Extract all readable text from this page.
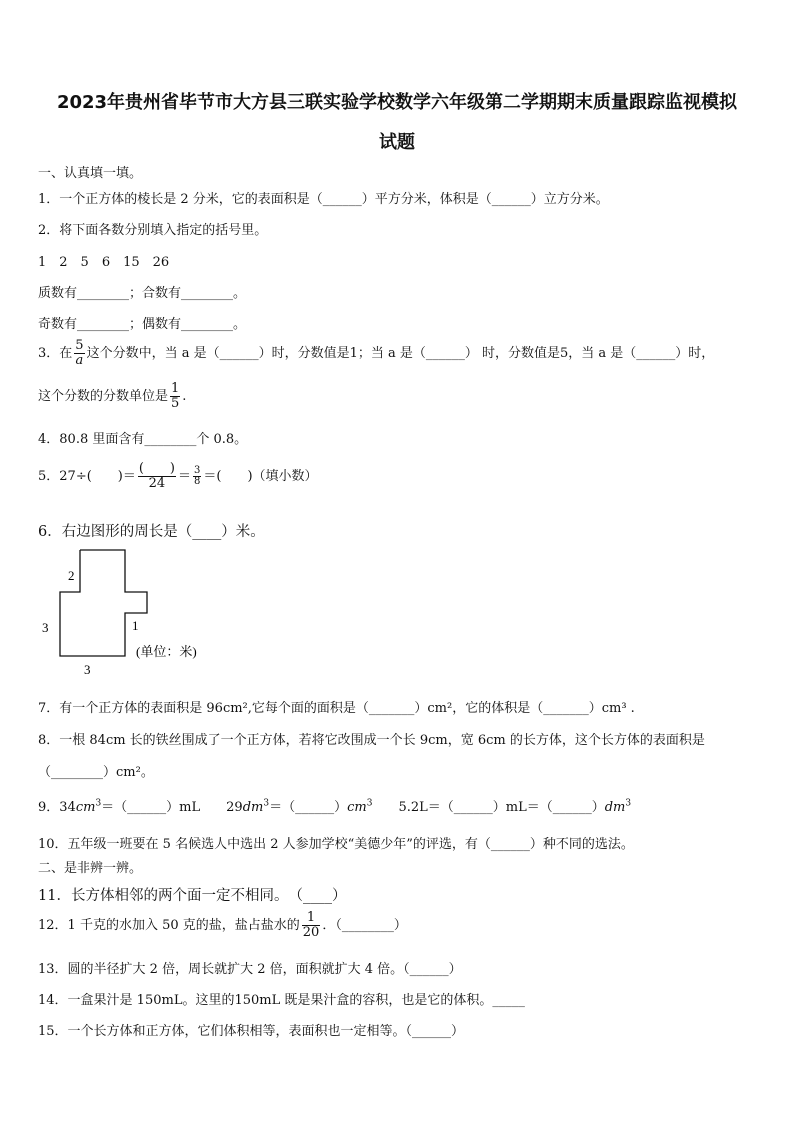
2023年贵州省毕节市大方县三联实验学校数学六年级第二学期期末质量跟踪监视模拟
试题
一、认真填一填。
1．一个正方体的棱长是 2 分米，它的表面积是（______）平方分米，体积是（______）立方分米。
2．将下面各数分别填入指定的括号里。
1　2　5　6　15　26
质数有________；合数有________。
奇数有________；偶数有________。
3．在 $\frac{5}{a}$ 这个分数中，当 a 是（______）时，分数值是1；当 a 是（______） 时，分数值是5，当 a 是（______）时，
这个分数的分数单位是 $\frac{1}{5}$ .
4．80.8 里面含有________个 0.8。
5．27÷(　　)＝ $\frac{( )}{24} = \frac{3}{8}$ ＝(　　)（填小数）
6．右边图形的周长是（____）米。
2
3	1
3
(单位：米)
7．有一个正方体的表面积是 96cm²,它每个面的面积是（_______）cm²，它的体积是（_______）cm³ .
8．一根 84cm 长的铁丝围成了一个正方体，若将它改围成一个长 9cm，宽 6cm 的长方体，这个长方体的表面积是
（________）cm²。
9．$34cm^3=(\_\_\_\_\_\_)mL$　　$29dm^3=(\_\_\_\_\_\_)cm^3$　　$5.2L=(\_\_\_\_\_\_)mL=(\_\_\_\_\_\_)dm^3$
10．五年级一班要在 5 名候选人中选出 2 人参加学校“美德少年”的评选，有（______）种不同的选法。
二、是非辨一辨。
11．长方体相邻的两个面一定不相同。　（____）
12．1 千克的水加入 50 克的盐，盐占盐水的 $\frac{1}{20}$ ．（________）
13．圆的半径扩大 2 倍，周长就扩大 2 倍，面积就扩大 4 倍。（______）
14．一盒果汁是 150mL。这里的150mL 既是果汁盒的容积，也是它的体积。_____
15．一个长方体和正方体，它们体积相等，表面积也一定相等。（______）
